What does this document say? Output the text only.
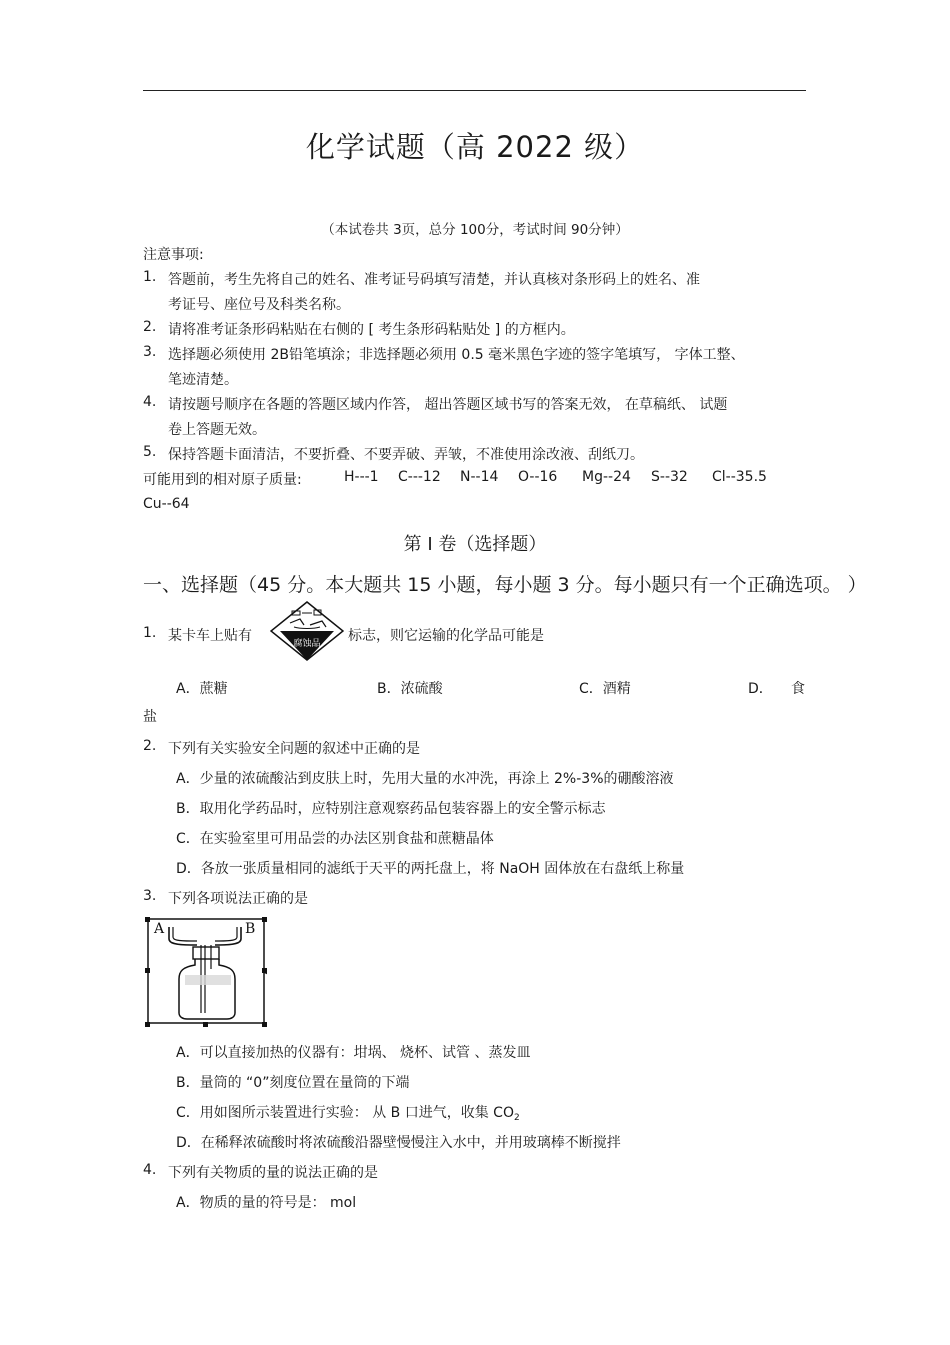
化学试题（高 2022 级）
（本试卷共 3页，总分 100分，考试时间 90分钟）
注意事项:
1. 答题前，考生先将自己的姓名、准考证号码填写清楚，并认真核对条形码上的姓名、准
考证号、座位号及科类名称。
2. 请将准考证条形码粘贴在右侧的 [ 考生条形码粘贴处 ] 的方框内。
3. 选择题必须使用 2B铅笔填涂；非选择题必须用 0.5 毫米黑色字迹的签字笔填写， 字体工整、
笔迹清楚。
4. 请按题号顺序在各题的答题区域内作答， 超出答题区域书写的答案无效， 在草稿纸、 试题
卷上答题无效。
5. 保持答题卡面清洁，不要折叠、不要弄破、弄皱，不准使用涂改液、刮纸刀。
可能用到的相对原子质量:	H---1 C---12 N--14 O--16 Mg--24 S--32 Cl--35.5
Cu--64
第 I 卷（选择题）
一、选择题（45 分。本大题共 15 小题，每小题 3 分。每小题只有一个正确选项。 ）
1. 某卡车上贴有	腐蚀品 标志，则它运输的化学品可能是
A．蔗糖	B．浓硫酸	C．酒精	D． 食
盐
2. 下列有关实验安全问题的叙述中正确的是
A．少量的浓硫酸沾到皮肤上时，先用大量的水冲洗，再涂上 2%-3%的硼酸溶液
B．取用化学药品时，应特别注意观察药品包装容器上的安全警示标志
C．在实验室里可用品尝的办法区别食盐和蔗糖晶体
D．各放一张质量相同的滤纸于天平的两托盘上，将 NaOH 固体放在右盘纸上称量
3. 下列各项说法正确的是
A	B
A．可以直接加热的仪器有：坩埚、 烧杯、试管 、蒸发皿
B．量筒的 “0”刻度位置在量筒的下端
C．用如图所示装置进行实验： 从 B 口进气，收集 $CO_2$
D．在稀释浓硫酸时将浓硫酸沿器壁慢慢注入水中，并用玻璃棒不断搅拌
4. 下列有关物质的量的说法正确的是
A．物质的量的符号是： mol
